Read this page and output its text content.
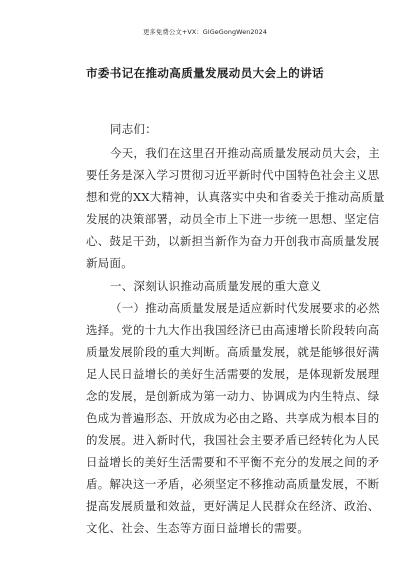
更多免费公文+VX：GlGeGongWen2024
市委书记在推动高质量发展动员大会上的讲话
同志们：
今天，我们在这里召开推动高质量发展动员大会，主
要任务是深入学习贯彻习近平新时代中国特色社会主义思
想和党的XX大精神，认真落实中央和省委关于推动高质量
发展的决策部署，动员全市上下进一步统一思想、坚定信
心、鼓足干劲，以新担当新作为奋力开创我市高质量发展
新局面。
一、深刻认识推动高质量发展的重大意义
（一）推动高质量发展是适应新时代发展要求的必然
选择。党的十九大作出我国经济已由高速增长阶段转向高
质量发展阶段的重大判断。高质量发展，就是能够很好满
足人民日益增长的美好生活需要的发展，是体现新发展理
念的发展，是创新成为第一动力、协调成为内生特点、绿
色成为普遍形态、开放成为必由之路、共享成为根本目的
的发展。进入新时代，我国社会主要矛盾已经转化为人民
日益增长的美好生活需要和不平衡不充分的发展之间的矛
盾。解决这一矛盾，必须坚定不移推动高质量发展，不断
提高发展质量和效益，更好满足人民群众在经济、政治、
文化、社会、生态等方面日益增长的需要。
